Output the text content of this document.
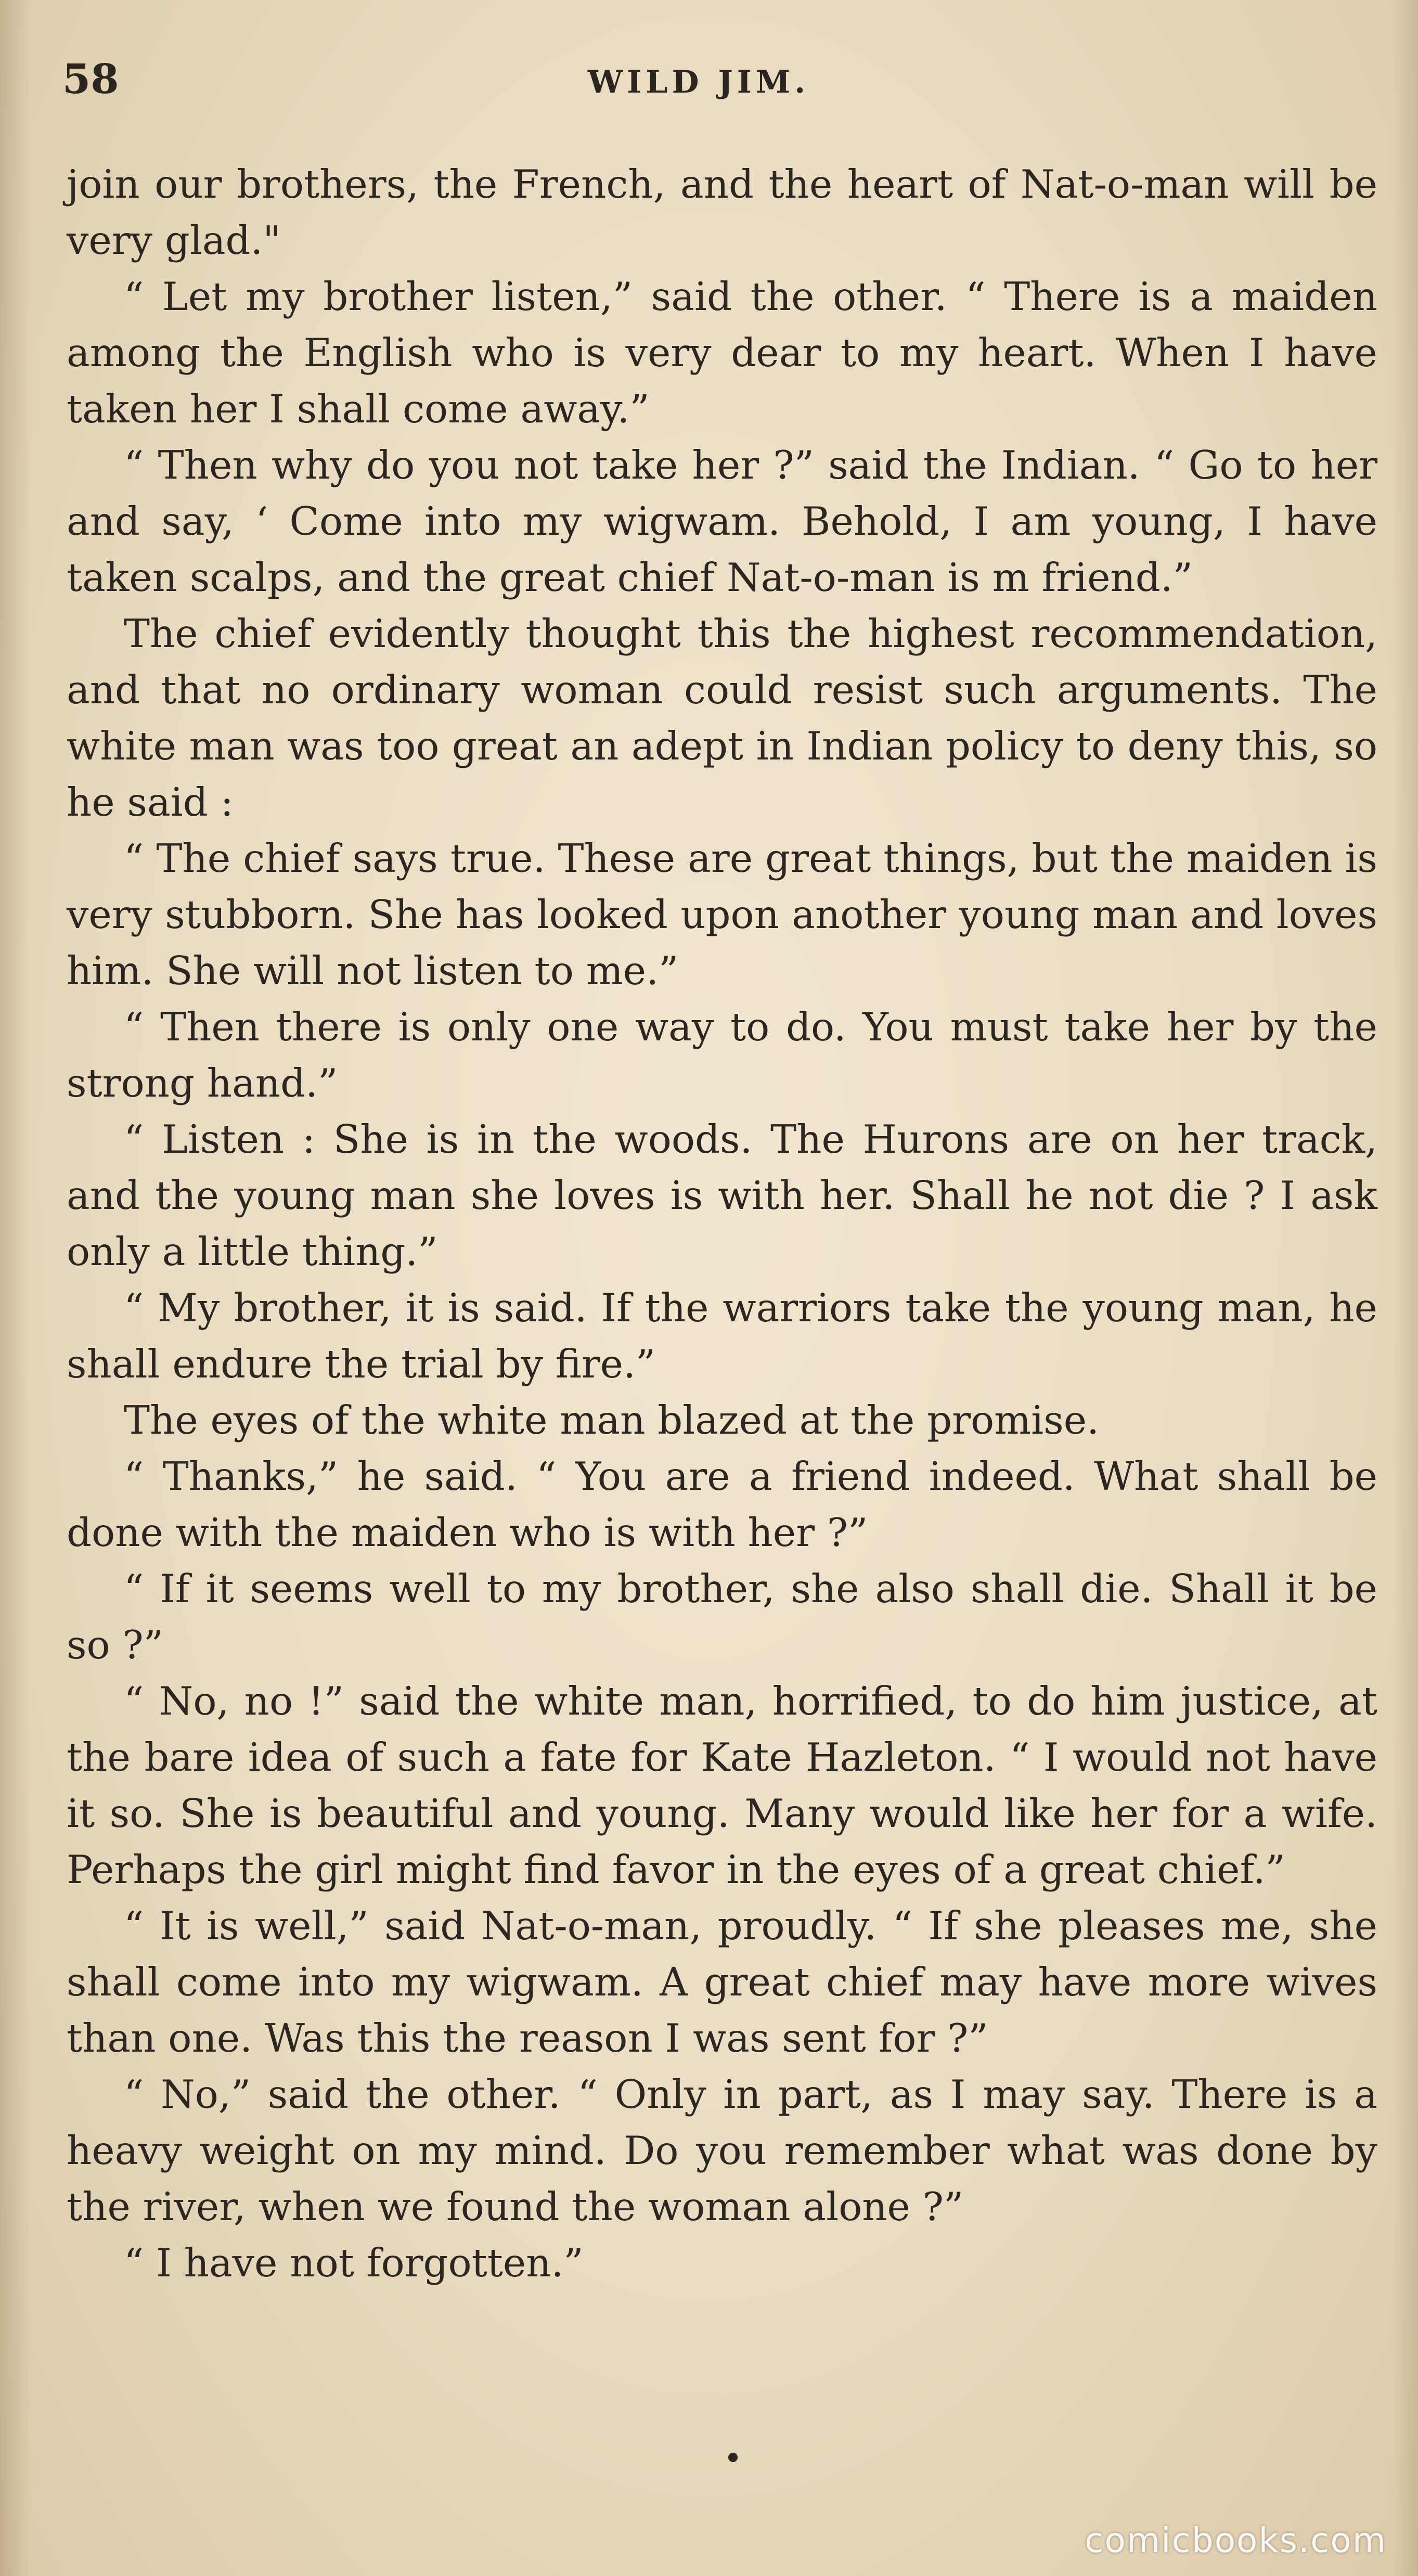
58	WILD JIM.

join our brothers, the French, and the heart of Nat-o-man will be very glad."

“ Let my brother listen,” said the other. “ There is a maiden among the English who is very dear to my heart. When I have taken her I shall come away.”

“ Then why do you not take her ?” said the Indian. “ Go to her and say, ‘ Come into my wigwam. Behold, I am young, I have taken scalps, and the great chief Nat-o-man is m friend.”

The chief evidently thought this the highest recommendation, and that no ordinary woman could resist such arguments. The white man was too great an adept in Indian policy to deny this, so he said :

“ The chief says true. These are great things, but the maiden is very stubborn. She has looked upon another young man and loves him. She will not listen to me.”

“ Then there is only one way to do. You must take her by the strong hand.”

“ Listen : She is in the woods. The Hurons are on her track, and the young man she loves is with her. Shall he not die ? I ask only a little thing.”

“ My brother, it is said. If the warriors take the young man, he shall endure the trial by fire.”

The eyes of the white man blazed at the promise.

“ Thanks,” he said. “ You are a friend indeed. What shall be done with the maiden who is with her ?”

“ If it seems well to my brother, she also shall die. Shall it be so ?”

“ No, no !” said the white man, horrified, to do him justice, at the bare idea of such a fate for Kate Hazleton. “ I would not have it so. She is beautiful and young. Many would like her for a wife. Perhaps the girl might find favor in the eyes of a great chief.”

“ It is well,” said Nat-o-man, proudly. “ If she pleases me, she shall come into my wigwam. A great chief may have more wives than one. Was this the reason I was sent for ?”

“ No,” said the other. “ Only in part, as I may say. There is a heavy weight on my mind. Do you remember what was done by the river, when we found the woman alone ?”

“ I have not forgotten.”

comicbooks.com
